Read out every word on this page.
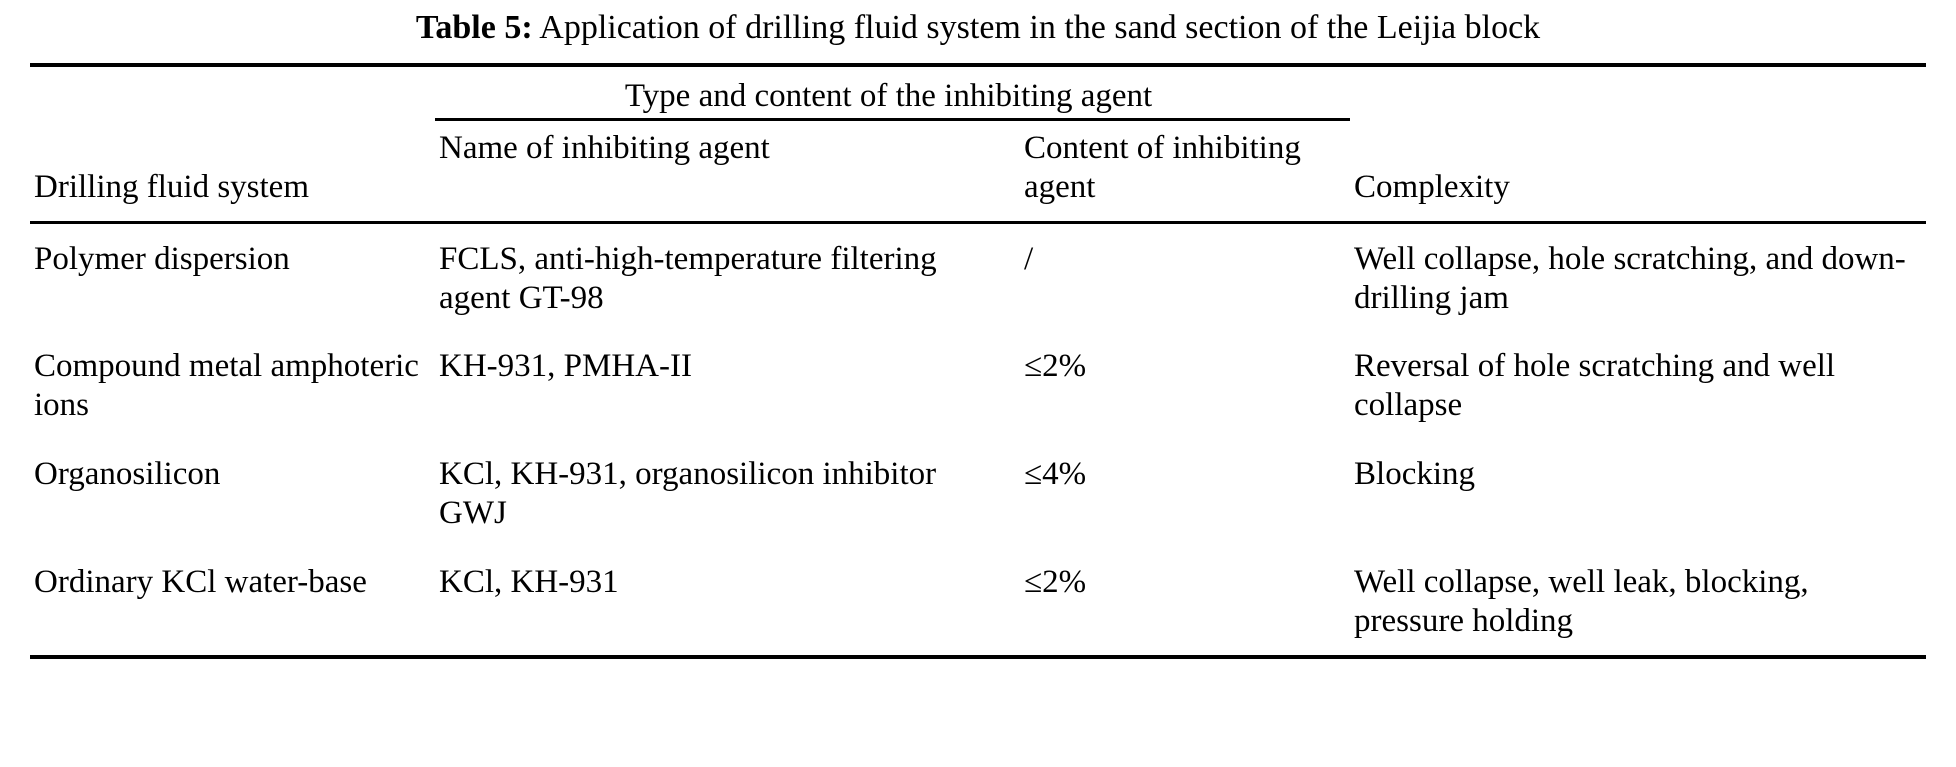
Table 5: Application of drilling fluid system in the sand section of the Leijia block
	Type and content of the inhibiting agent		
Drilling fluid system	Name of inhibiting agent	Content of inhibiting agent	Complexity
Polymer dispersion	FCLS, anti-high-temperature filtering agent GT-98	/	Well collapse, hole scratching, and down-drilling jam
Compound metal amphoteric ions	KH-931, PMHA-II	≤2%	Reversal of hole scratching and well collapse
Organosilicon	KCl, KH-931, organosilicon inhibitor GWJ	≤4%	Blocking
Ordinary KCl water-base	KCl, KH-931	≤2%	Well collapse, well leak, blocking, pressure holding
